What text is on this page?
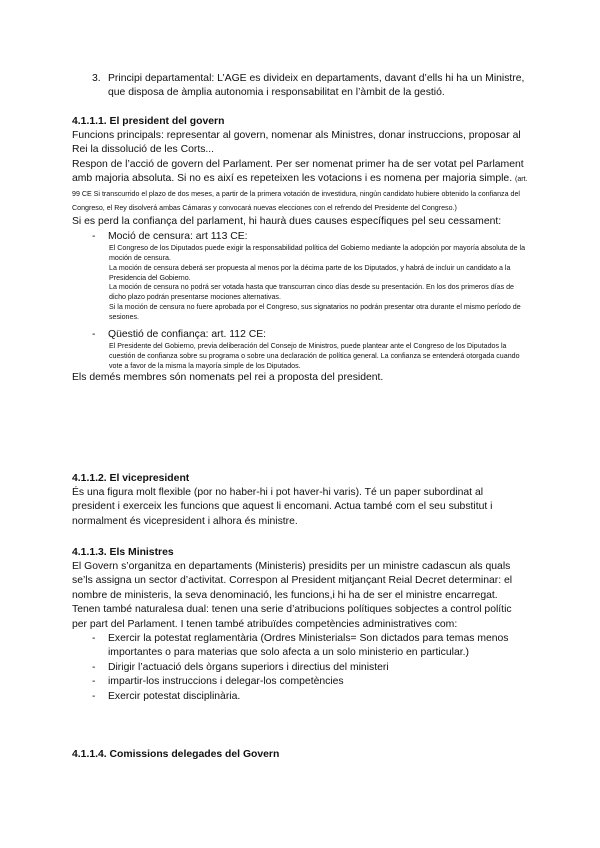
3. Principi departamental: L’AGE es divideix en departaments, davant d’ells hi ha un Ministre, que disposa de àmplia autonomia i responsabilitat en l’àmbit de la gestió.

4.1.1.1. El president del govern

Funcions principals: representar al govern, nomenar als Ministres, donar instruccions, proposar al Rei la dissolució de les Corts...

Respon de l’acció de govern del Parlament. Per ser nomenat primer ha de ser votat pel Parlament amb majoria absoluta. Si no es així es repeteixen les votacions i es nomena per majoria simple. (art. 99 CE Si transcurrido el plazo de dos meses, a partir de la primera votación de investidura, ningún candidato hubiere obtenido la confianza del Congreso, el Rey disolverá ambas Cámaras y convocará nuevas elecciones con el refrendo del Presidente del Congreso.)

Si es perd la confiança del parlament, hi haurà dues causes específiques pel seu cessament:

- Moció de censura: art 113 CE:

El Congreso de los Diputados puede exigir la responsabilidad política del Gobierno mediante la adopción por mayoría absoluta de la moción de censura.

La moción de censura deberá ser propuesta al menos por la décima parte de los Diputados, y habrá de incluir un candidato a la Presidencia del Gobierno.

La moción de censura no podrá ser votada hasta que transcurran cinco días desde su presentación. En los dos primeros días de dicho plazo podrán presentarse mociones alternativas.

Si la moción de censura no fuere aprobada por el Congreso, sus signatarios no podrán presentar otra durante el mismo período de sesiones.

- Qüestió de confiança: art. 112 CE:

El Presidente del Gobierno, previa deliberación del Consejo de Ministros, puede plantear ante el Congreso de los Diputados la cuestión de confianza sobre su programa o sobre una declaración de política general. La confianza se entenderá otorgada cuando vote a favor de la misma la mayoría simple de los Diputados.

Els demés membres són nomenats pel rei a proposta del president.

4.1.1.2. El vicepresident

És una figura molt flexible (por no haber-hi i pot haver-hi varis). Té un paper subordinat al president i exerceix les funcions que aquest li encomani. Actua també com el seu substitut i normalment és vicepresident i alhora és ministre.

4.1.1.3. Els Ministres

El Govern s’organitza en departaments (Ministeris) presidits per un ministre cadascun als quals se’ls assigna un sector d’activitat. Correspon al President mitjançant Reial Decret determinar: el nombre de ministeris, la seva denominació, les funcions,i hi ha de ser el ministre encarregat. Tenen també naturalesa dual: tenen una serie d’atribucions polítiques sobjectes a control polític per part del Parlament. I tenen també atribuïdes competències administratives com:

- Exercir la potestat reglamentària (Ordres Ministerials= Son dictados para temas menos importantes o para materias que solo afecta a un solo ministerio en particular.)

- Dirigir l’actuació dels òrgans superiors i directius del ministeri

- impartir-los instruccions i delegar-los competències

- Exercir potestat disciplinària.

4.1.1.4. Comissions delegades del Govern
